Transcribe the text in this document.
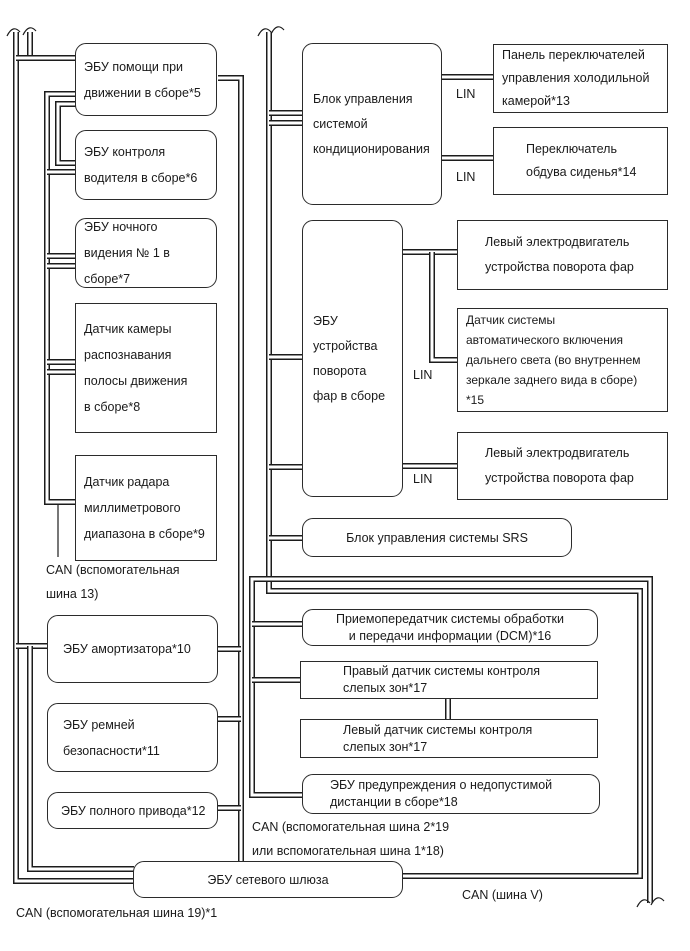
ЭБУ помощи при
движении в сборе*5
ЭБУ контроля
водителя в сборе*6
ЭБУ ночного
видения № 1 в
сборе*7
Датчик камеры
распознавания
полосы движения
в сборе*8
Датчик радара
миллиметрового
диапазона в сборе*9
CAN (вспомогательная
шина 13)
ЭБУ амортизатора*10
ЭБУ ремней
безопасности*11
ЭБУ полного привода*12
ЭБУ сетевого шлюза
CAN (вспомогательная шина 19)*1
Блок управления
системой
кондиционирования
Панель переключателей
управления холодильной
камерой*13
Переключатель
обдува сиденья*14
LIN
LIN
ЭБУ
устройства
поворота
фар в сборе
Левый электродвигатель
устройства поворота фар
Датчик системы
автоматического включения
дальнего света (во внутреннем
зеркале заднего вида в сборе)
*15
Левый электродвигатель
устройства поворота фар
LIN
LIN
Блок управления системы SRS
Приемопередатчик системы обработки
и передачи информации (DCM)*16
Правый датчик системы контроля
слепых зон*17
Левый датчик системы контроля
слепых зон*17
ЭБУ предупреждения о недопустимой
дистанции в сборе*18
CAN (вспомогательная шина 2*19
или вспомогательная шина 1*18)
CAN (шина V)
